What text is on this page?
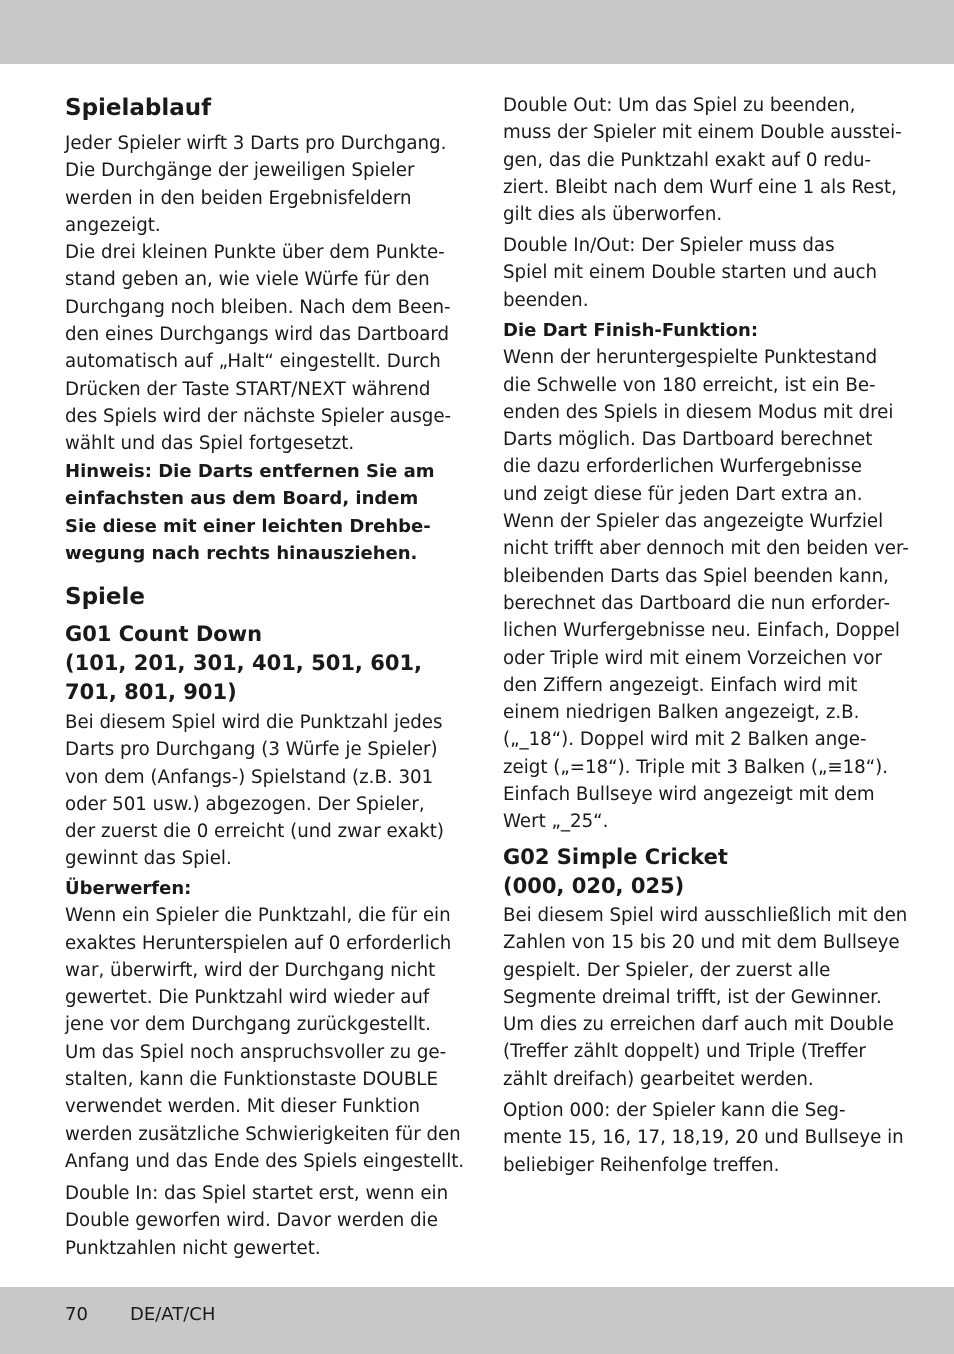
Spielablauf

Jeder Spieler wirft 3 Darts pro Durchgang.

Die Durchgänge der jeweiligen Spieler

werden in den beiden Ergebnisfeldern

angezeigt.

Die drei kleinen Punkte über dem Punkte-

stand geben an, wie viele Würfe für den

Durchgang noch bleiben. Nach dem Been-

den eines Durchgangs wird das Dartboard

automatisch auf „Halt“ eingestellt. Durch

Drücken der Taste START/NEXT während

des Spiels wird der nächste Spieler ausge-

wählt und das Spiel fortgesetzt.

Hinweis: Die Darts entfernen Sie am

einfachsten aus dem Board, indem

Sie diese mit einer leichten Drehbe-

wegung nach rechts hinausziehen.

Spiele

G01 Count Down

(101, 201, 301, 401, 501, 601,

701, 801, 901)

Bei diesem Spiel wird die Punktzahl jedes

Darts pro Durchgang (3 Würfe je Spieler)

von dem (Anfangs-) Spielstand (z.B. 301

oder 501 usw.) abgezogen. Der Spieler,

der zuerst die 0 erreicht (und zwar exakt)

gewinnt das Spiel.

Überwerfen:

Wenn ein Spieler die Punktzahl, die für ein

exaktes Herunterspielen auf 0 erforderlich

war, überwirft, wird der Durchgang nicht

gewertet. Die Punktzahl wird wieder auf

jene vor dem Durchgang zurückgestellt.

Um das Spiel noch anspruchsvoller zu ge-

stalten, kann die Funktionstaste DOUBLE

verwendet werden. Mit dieser Funktion

werden zusätzliche Schwierigkeiten für den

Anfang und das Ende des Spiels eingestellt.

Double In: das Spiel startet erst, wenn ein

Double geworfen wird. Davor werden die

Punktzahlen nicht gewertet.

Double Out: Um das Spiel zu beenden,

muss der Spieler mit einem Double ausstei-

gen, das die Punktzahl exakt auf 0 redu-

ziert. Bleibt nach dem Wurf eine 1 als Rest,

gilt dies als überworfen.

Double In/Out: Der Spieler muss das

Spiel mit einem Double starten und auch

beenden.

Die Dart Finish-Funktion:

Wenn der heruntergespielte Punktestand

die Schwelle von 180 erreicht, ist ein Be-

enden des Spiels in diesem Modus mit drei

Darts möglich. Das Dartboard berechnet

die dazu erforderlichen Wurfergebnisse

und zeigt diese für jeden Dart extra an.

Wenn der Spieler das angezeigte Wurfziel

nicht trifft aber dennoch mit den beiden ver-

bleibenden Darts das Spiel beenden kann,

berechnet das Dartboard die nun erforder-

lichen Wurfergebnisse neu. Einfach, Doppel

oder Triple wird mit einem Vorzeichen vor

den Ziffern angezeigt. Einfach wird mit

einem niedrigen Balken angezeigt, z.B.

(„_18“). Doppel wird mit 2 Balken ange-

zeigt („=18“). Triple mit 3 Balken („≡18“).

Einfach Bullseye wird angezeigt mit dem

Wert „_25“.

G02 Simple Cricket

(000, 020, 025)

Bei diesem Spiel wird ausschließlich mit den

Zahlen von 15 bis 20 und mit dem Bullseye

gespielt. Der Spieler, der zuerst alle

Segmente dreimal trifft, ist der Gewinner.

Um dies zu erreichen darf auch mit Double

(Treffer zählt doppelt) und Triple (Treffer

zählt dreifach) gearbeitet werden.

Option 000: der Spieler kann die Seg-

mente 15, 16, 17, 18,19, 20 und Bullseye in

beliebiger Reihenfolge treffen.

70 DE/AT/CH
